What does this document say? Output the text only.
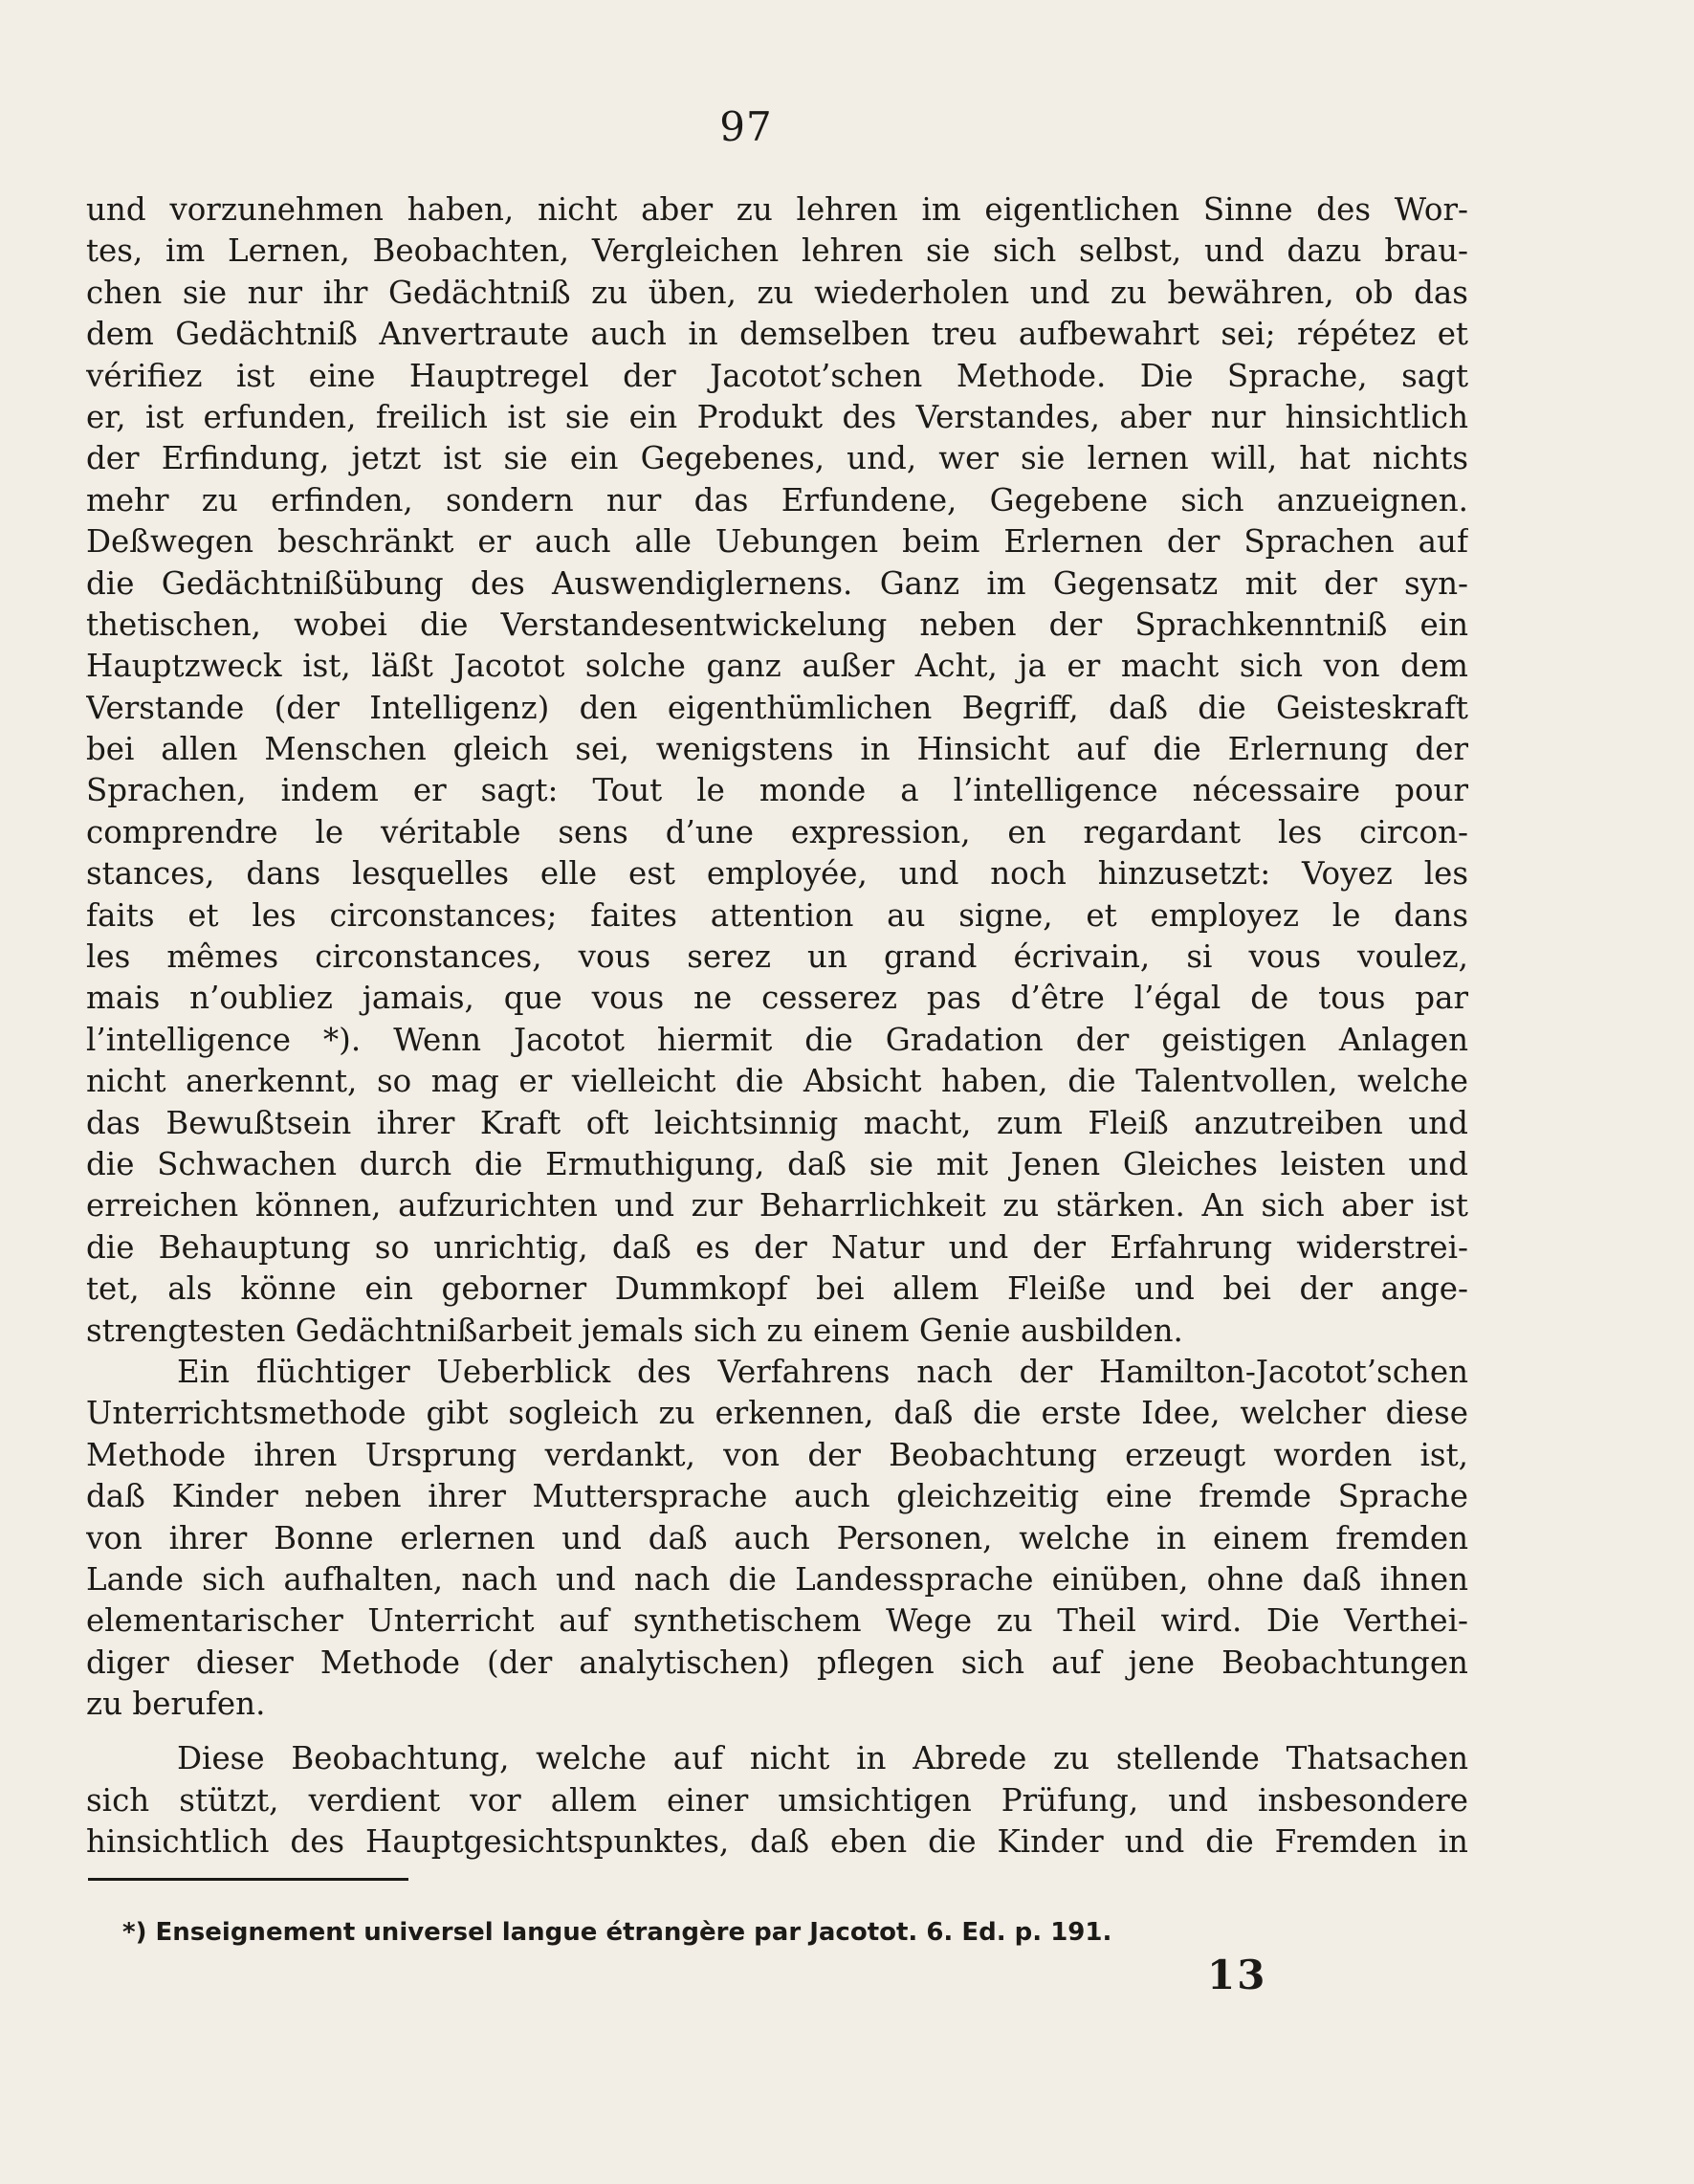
97
und vorzunehmen haben, nicht aber zu lehren im eigentlichen Sinne des Wor-
tes, im Lernen, Beobachten, Vergleichen lehren sie sich selbst, und dazu brau-
chen sie nur ihr Gedächtniß zu üben, zu wiederholen und zu bewähren, ob das
dem Gedächtniß Anvertraute auch in demselben treu aufbewahrt sei; répétez et
vérifiez ist eine Hauptregel der Jacotot’schen Methode. Die Sprache, sagt
er, ist erfunden, freilich ist sie ein Produkt des Verstandes, aber nur hinsichtlich
der Erfindung, jetzt ist sie ein Gegebenes, und, wer sie lernen will, hat nichts
mehr zu erfinden, sondern nur das Erfundene, Gegebene sich anzueignen.
Deßwegen beschränkt er auch alle Uebungen beim Erlernen der Sprachen auf
die Gedächtnißübung des Auswendiglernens. Ganz im Gegensatz mit der syn-
thetischen, wobei die Verstandesentwickelung neben der Sprachkenntniß ein
Hauptzweck ist, läßt Jacotot solche ganz außer Acht, ja er macht sich von dem
Verstande (der Intelligenz) den eigenthümlichen Begriff, daß die Geisteskraft
bei allen Menschen gleich sei, wenigstens in Hinsicht auf die Erlernung der
Sprachen, indem er sagt: Tout le monde a l’intelligence nécessaire pour
comprendre le véritable sens d’une expression, en regardant les circon-
stances, dans lesquelles elle est employée, und noch hinzusetzt: Voyez les
faits et les circonstances; faites attention au signe, et employez le dans
les mêmes circonstances, vous serez un grand écrivain, si vous voulez,
mais n’oubliez jamais, que vous ne cesserez pas d’être l’égal de tous par
l’intelligence *). Wenn Jacotot hiermit die Gradation der geistigen Anlagen
nicht anerkennt, so mag er vielleicht die Absicht haben, die Talentvollen, welche
das Bewußtsein ihrer Kraft oft leichtsinnig macht, zum Fleiß anzutreiben und
die Schwachen durch die Ermuthigung, daß sie mit Jenen Gleiches leisten und
erreichen können, aufzurichten und zur Beharrlichkeit zu stärken. An sich aber ist
die Behauptung so unrichtig, daß es der Natur und der Erfahrung widerstrei-
tet, als könne ein geborner Dummkopf bei allem Fleiße und bei der ange-
strengtesten Gedächtnißarbeit jemals sich zu einem Genie ausbilden.
Ein flüchtiger Ueberblick des Verfahrens nach der Hamilton-Jacotot’schen
Unterrichtsmethode gibt sogleich zu erkennen, daß die erste Idee, welcher diese
Methode ihren Ursprung verdankt, von der Beobachtung erzeugt worden ist,
daß Kinder neben ihrer Muttersprache auch gleichzeitig eine fremde Sprache
von ihrer Bonne erlernen und daß auch Personen, welche in einem fremden
Lande sich aufhalten, nach und nach die Landessprache einüben, ohne daß ihnen
elementarischer Unterricht auf synthetischem Wege zu Theil wird. Die Verthei-
diger dieser Methode (der analytischen) pflegen sich auf jene Beobachtungen
zu berufen.
Diese Beobachtung, welche auf nicht in Abrede zu stellende Thatsachen
sich stützt, verdient vor allem einer umsichtigen Prüfung, und insbesondere
hinsichtlich des Hauptgesichtspunktes, daß eben die Kinder und die Fremden in
*) Enseignement universel langue étrangère par Jacotot. 6. Ed. p. 191.
13
